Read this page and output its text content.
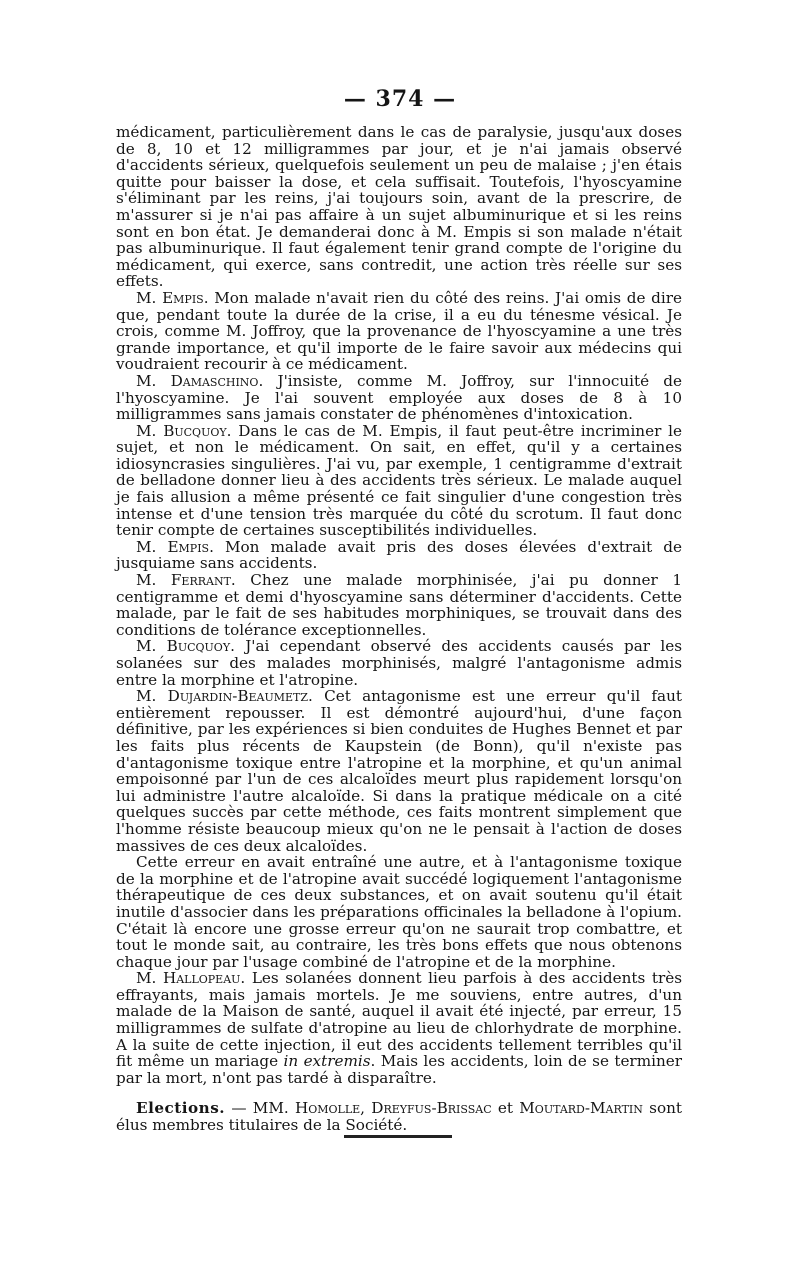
— 374 —

médicament, particulièrement dans le cas de paralysie, jusqu'aux doses de 8, 10 et 12 milligrammes par jour, et je n'ai jamais observé d'accidents sérieux, quelquefois seulement un peu de malaise ; j'en étais quitte pour baisser la dose, et cela suffisait. Toutefois, l'hyoscyamine s'éliminant par les reins, j'ai toujours soin, avant de la prescrire, de m'assurer si je n'ai pas affaire à un sujet albuminurique et si les reins sont en bon état. Je demanderai donc à M. Empis si son malade n'était pas albuminurique. Il faut également tenir grand compte de l'origine du médicament, qui exerce, sans contredit, une action très réelle sur ses effets.

M. Empis. Mon malade n'avait rien du côté des reins. J'ai omis de dire que, pendant toute la durée de la crise, il a eu du ténesme vésical. Je crois, comme M. Joffroy, que la provenance de l'hyoscyamine a une très grande importance, et qu'il importe de le faire savoir aux médecins qui voudraient recourir à ce médicament.

M. Damaschino. J'insiste, comme M. Joffroy, sur l'innocuité de l'hyoscyamine. Je l'ai souvent employée aux doses de 8 à 10 milligrammes sans jamais constater de phénomènes d'intoxication.

M. Bucquoy. Dans le cas de M. Empis, il faut peut-être incriminer le sujet, et non le médicament. On sait, en effet, qu'il y a certaines idiosyncrasies singulières. J'ai vu, par exemple, 1 centigramme d'extrait de belladone donner lieu à des accidents très sérieux. Le malade auquel je fais allusion a même présenté ce fait singulier d'une congestion très intense et d'une tension très marquée du côté du scrotum. Il faut donc tenir compte de certaines susceptibilités individuelles.

M. Empis. Mon malade avait pris des doses élevées d'extrait de jusquiame sans accidents.

M. Ferrant. Chez une malade morphinisée, j'ai pu donner 1 centigramme et demi d'hyoscyamine sans déterminer d'accidents. Cette malade, par le fait de ses habitudes morphiniques, se trouvait dans des conditions de tolérance exceptionnelles.

M. Bucquoy. J'ai cependant observé des accidents causés par les solanées sur des malades morphinisés, malgré l'antagonisme admis entre la morphine et l'atropine.

M. Dujardin-Beaumetz. Cet antagonisme est une erreur qu'il faut entièrement repousser. Il est démontré aujourd'hui, d'une façon définitive, par les expériences si bien conduites de Hughes Bennet et par les faits plus récents de Kaupstein (de Bonn), qu'il n'existe pas d'antagonisme toxique entre l'atropine et la morphine, et qu'un animal empoisonné par l'un de ces alcaloïdes meurt plus rapidement lorsqu'on lui administre l'autre alcaloïde. Si dans la pratique médicale on a cité quelques succès par cette méthode, ces faits montrent simplement que l'homme résiste beaucoup mieux qu'on ne le pensait à l'action de doses massives de ces deux alcaloïdes.

Cette erreur en avait entraîné une autre, et à l'antagonisme toxique de la morphine et de l'atropine avait succédé logiquement l'antagonisme thérapeutique de ces deux substances, et on avait soutenu qu'il était inutile d'associer dans les préparations officinales la belladone à l'opium. C'était là encore une grosse erreur qu'on ne saurait trop combattre, et tout le monde sait, au contraire, les très bons effets que nous obtenons chaque jour par l'usage combiné de l'atropine et de la morphine.

M. Hallopeau. Les solanées donnent lieu parfois à des accidents très effrayants, mais jamais mortels. Je me souviens, entre autres, d'un malade de la Maison de santé, auquel il avait été injecté, par erreur, 15 milligrammes de sulfate d'atropine au lieu de chlorhydrate de morphine. A la suite de cette injection, il eut des accidents tellement terribles qu'il fit même un mariage in extremis. Mais les accidents, loin de se terminer par la mort, n'ont pas tardé à disparaître.

Elections. — MM. Homolle, Dreyfus-Brissac et Moutard-Martin sont élus membres titulaires de la Société.
